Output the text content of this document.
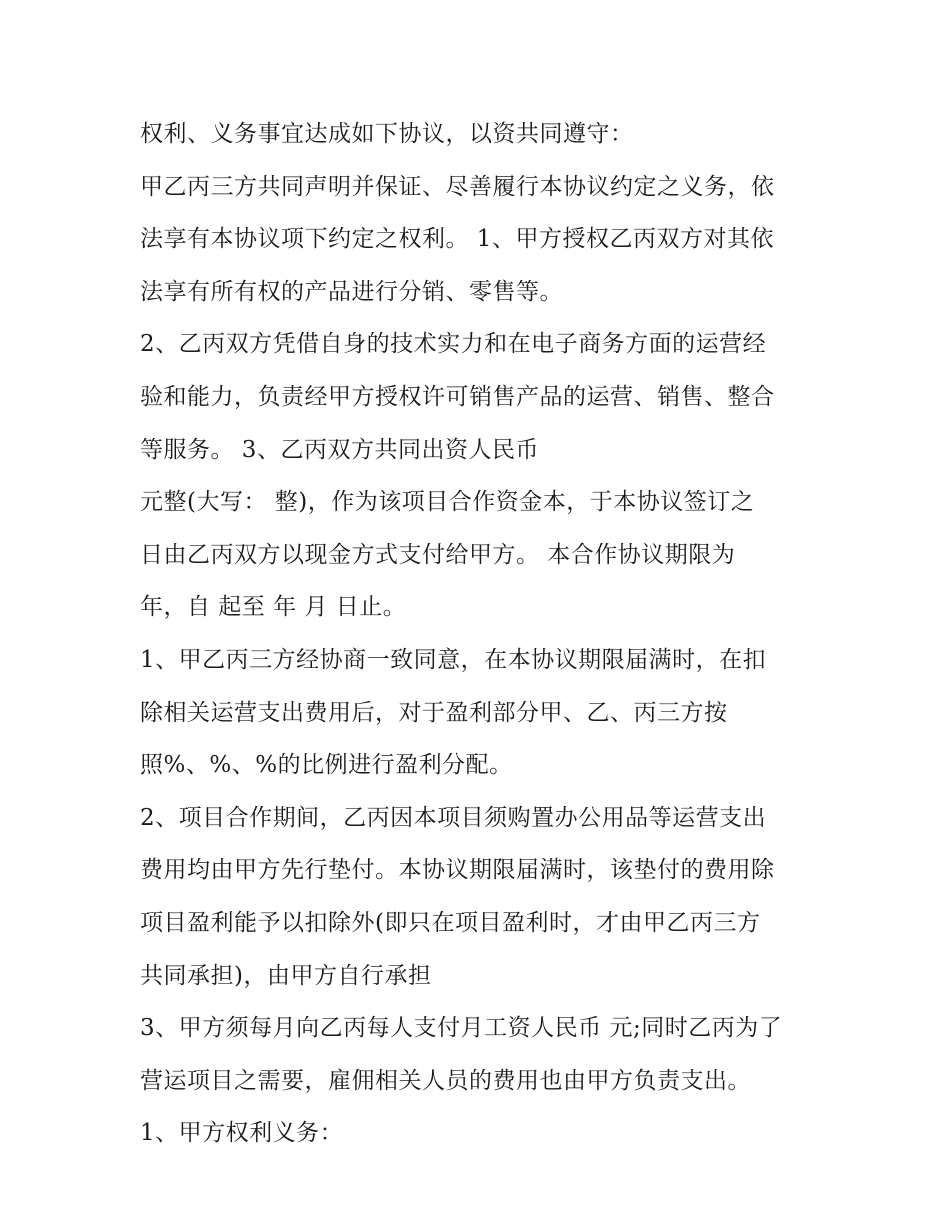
权利、义务事宜达成如下协议，以资共同遵守：
甲乙丙三方共同声明并保证、尽善履行本协议约定之义务，依
法享有本协议项下约定之权利。 1、甲方授权乙丙双方对其依
法享有所有权的产品进行分销、零售等。
2、乙丙双方凭借自身的技术实力和在电子商务方面的运营经
验和能力，负责经甲方授权许可销售产品的运营、销售、整合
等服务。 3、乙丙双方共同出资人民币
元整(大写： 整)，作为该项目合作资金本，于本协议签订之
日由乙丙双方以现金方式支付给甲方。 本合作协议期限为
年，自 起至 年 月 日止。
1、甲乙丙三方经协商一致同意，在本协议期限届满时，在扣
除相关运营支出费用后，对于盈利部分甲、乙、丙三方按
照%、%、%的比例进行盈利分配。
2、项目合作期间，乙丙因本项目须购置办公用品等运营支出
费用均由甲方先行垫付。本协议期限届满时，该垫付的费用除
项目盈利能予以扣除外(即只在项目盈利时，才由甲乙丙三方
共同承担)，由甲方自行承担
3、甲方须每月向乙丙每人支付月工资人民币 元;同时乙丙为了
营运项目之需要，雇佣相关人员的费用也由甲方负责支出。
1、甲方权利义务：
